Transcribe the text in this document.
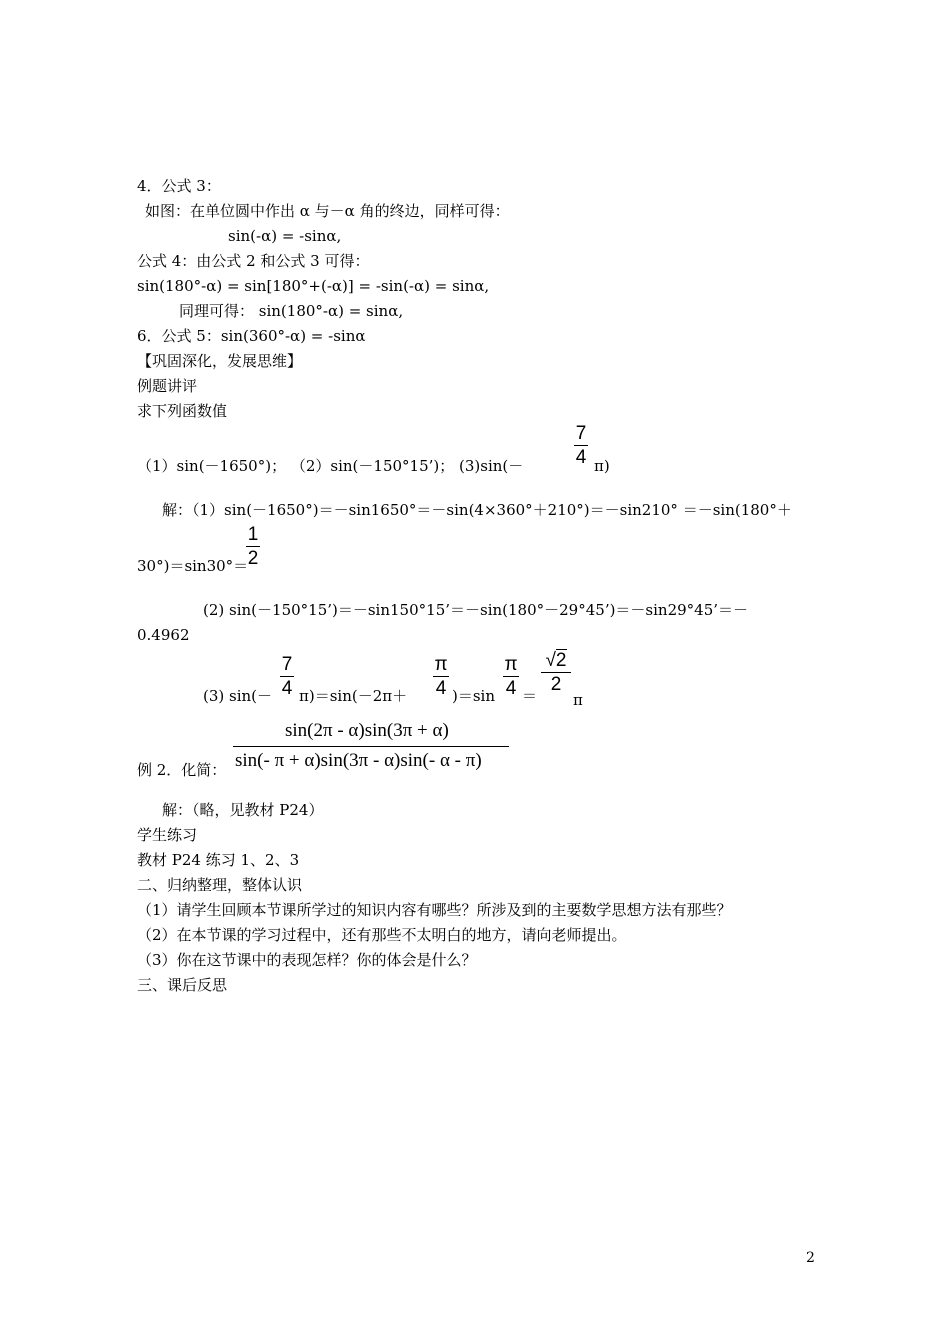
4．公式 3：
如图：在单位圆中作出 α 与－α 角的终边，同样可得：
sin(-α) = -sinα,
公式 4：由公式 2 和公式 3 可得：
sin(180°-α) = sin[180°+(-α)] = -sin(-α) = sinα,
同理可得： sin(180°-α) = sinα,
6．公式 5：sin(360°-α) = -sinα
【巩固深化，发展思维】
例题讲评
求下列函数值
（1）sin(－1650°)； （2）sin(－150°15’)； (3)sin(－
7
4 π)
解：（1）sin(－1650°)＝－sin1650°＝－sin(4×360°＋210°)＝－sin210° ＝－sin(180°＋
30°)＝sin30°＝
1
2
(2) sin(－150°15’)＝－sin150°15’＝－sin(180°－29°45’)＝－sin29°45’＝－
0.4962
(3) sin(－
7
4 π)＝sin(－2π＋
π
4 )＝sin
π
4 ＝
√2
2
π
sin(2π - α)sin(3π + α)
例 2．化简： sin(- π + α)sin(3π - α)sin(- α - π)
解：（略，见教材 P24）
学生练习
教材 P24 练习 1、2、3
二、归纳整理，整体认识
（1）请学生回顾本节课所学过的知识内容有哪些？所涉及到的主要数学思想方法有那些？
（2）在本节课的学习过程中，还有那些不太明白的地方，请向老师提出。
（3）你在这节课中的表现怎样？你的体会是什么？
三、课后反思
2
